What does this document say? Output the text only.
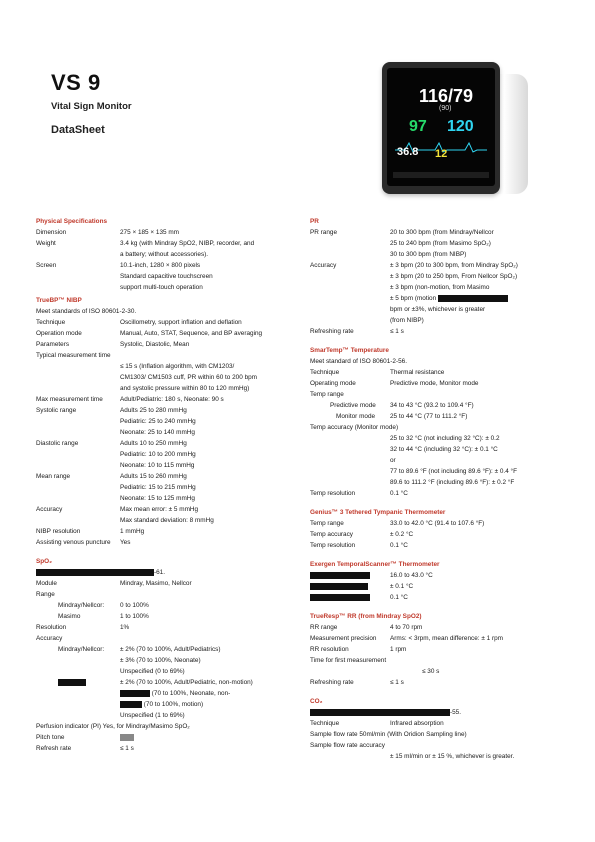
VS 9
Vital Sign Monitor
DataSheet
116/79
(90)
97 120
36.8 12
Physical Specifications
Dimension	275 × 185 × 135 mm
Weight	3.4 kg (with Mindray SpO2, NIBP, recorder, and
a battery; without accessories).
Screen	10.1-inch, 1280 × 800 pixels
Standard capacitive touchscreen
support multi-touch operation
TrueBP™ NIBP
Meet standards of ISO 80601-2-30.
Technique	Oscillometry, support inflation and deflation
Operation mode	Manual, Auto, STAT, Sequence, and BP averaging
Parameters	Systolic, Diastolic, Mean
Typical measurement time
≤ 15 s (Inflation algorithm, with CM1203/
CM1303/ CM1503 cuff, PR within 60 to 200 bpm
and systolic pressure within 80 to 120 mmHg)
Max measurement time	Adult/Pediatric: 180 s, Neonate: 90 s
Systolic range	Adults 25 to 280 mmHg
Pediatric: 25 to 240 mmHg
Neonate: 25 to 140 mmHg
Diastolic range	Adults 10 to 250 mmHg
Pediatric: 10 to 200 mmHg
Neonate: 10 to 115 mmHg
Mean range	Adults 15 to 260 mmHg
Pediatric: 15 to 215 mmHg
Neonate: 15 to 125 mmHg
Accuracy	Max mean error: ± 5 mmHg
Max standard deviation: 8 mmHg
NIBP resolution	1 mmHg
Assisting venous puncture Yes
SpO₂
-61.
Module	Mindray, Masimo, Nellcor
Range
Mindray/Nellcor: 0 to 100%
Masimo	1 to 100%
Resolution	1%
Accuracy
Mindray/Nellcor: ± 2% (70 to 100%, Adult/Pediatrics)
± 3% (70 to 100%, Neonate)
Unspecified (0 to 69%)
± 2% (70 to 100%, Adult/Pediatric, non-motion)
(70 to 100%, Neonate, non-
(70 to 100%, motion)
Unspecified (1 to 69%)
Perfusion indicator (PI) Yes, for Mindray/Masimo SpO₂
Pitch tone
Refresh rate	≤ 1 s
PR
PR range	20 to 300 bpm (from Mindray/Nellcor
25 to 240 bpm (from Masimo SpO₂)
30 to 300 bpm (from NIBP)
Accuracy	± 3 bpm (20 to 300 bpm, from Mindray SpO₂)
± 3 bpm (20 to 250 bpm, From Nellcor SpO₂)
± 3 bpm (non-motion, from Masimo
± 5 bpm (motion
bpm or ±3%, whichever is greater
(from NIBP)
Refreshing rate	≤ 1 s
SmarTemp™ Temperature
Meet standard of ISO 80601-2-56.
Technique	Thermal resistance
Operating mode	Predictive mode, Monitor mode
Temp range
Predictive mode 34 to 43 °C (93.2 to 109.4 °F)
Monitor mode 25 to 44 °C (77 to 111.2 °F)
Temp accuracy (Monitor mode)
25 to 32 °C (not including 32 °C): ± 0.2
32 to 44 °C (including 32 °C): ± 0.1 °C
or
77 to 89.6 °F (not including 89.6 °F): ± 0.4 °F
89.6 to 111.2 °F (including 89.6 °F): ± 0.2 °F
Temp resolution	0.1 °C
Genius™ 3 Tethered Tympanic Thermometer
Temp range	33.0 to 42.0 °C (91.4 to 107.6 °F)
Temp accuracy	± 0.2 °C
Temp resolution	0.1 °C
Exergen TemporalScanner™ Thermometer
16.0 to 43.0 °C
± 0.1 °C
0.1 °C
TrueResp™ RR (from Mindray SpO2)
RR range	4 to 70 rpm
Measurement precision Arms: < 3rpm, mean difference: ± 1 rpm
RR resolution	1 rpm
Time for first measurement
≤ 30 s
Refreshing rate	≤ 1 s
CO₂
-55.
Technique	Infrared absorption
Sample flow rate 50ml/min (With Oridion Sampling line)
Sample flow rate accuracy
± 15 ml/min or ± 15 %, whichever is greater.
